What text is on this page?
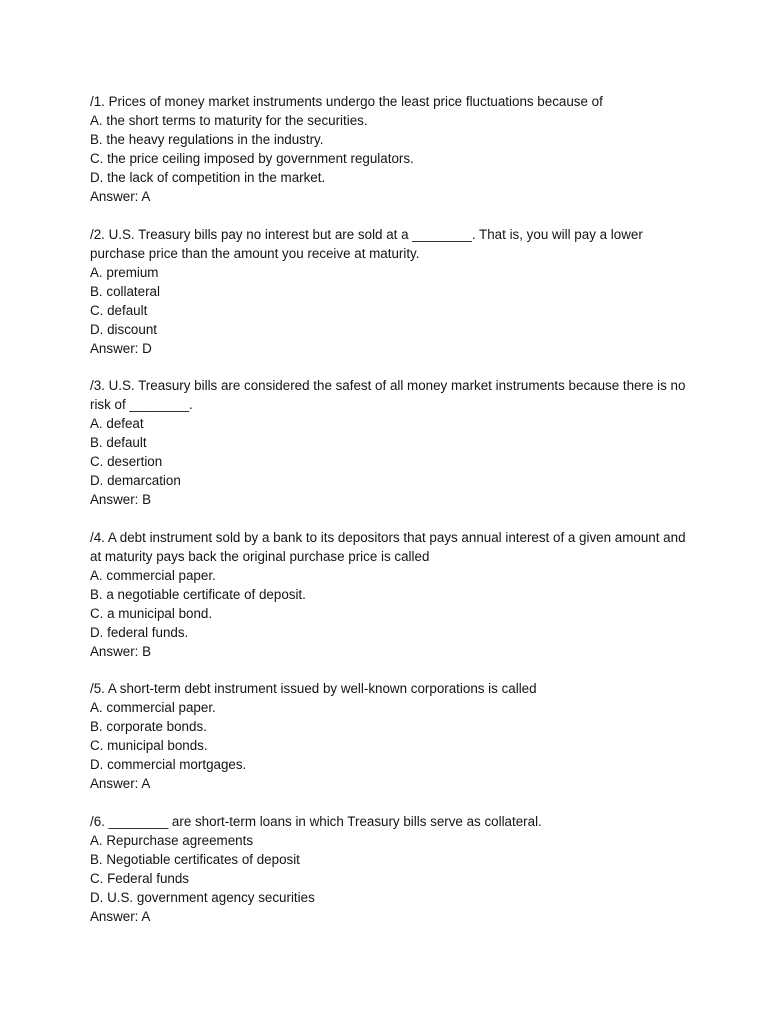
/1. Prices of money market instruments undergo the least price fluctuations because of
A. the short terms to maturity for the securities.
B. the heavy regulations in the industry.
C. the price ceiling imposed by government regulators.
D. the lack of competition in the market.
Answer: A
/2. U.S. Treasury bills pay no interest but are sold at a ________. That is, you will pay a lower purchase price than the amount you receive at maturity.
A. premium
B. collateral
C. default
D. discount
Answer: D
/3. U.S. Treasury bills are considered the safest of all money market instruments because there is no risk of ________.
A. defeat
B. default
C. desertion
D. demarcation
Answer: B
/4. A debt instrument sold by a bank to its depositors that pays annual interest of a given amount and at maturity pays back the original purchase price is called
A. commercial paper.
B. a negotiable certificate of deposit.
C. a municipal bond.
D. federal funds.
Answer: B
/5. A short-term debt instrument issued by well-known corporations is called
A. commercial paper.
B. corporate bonds.
C. municipal bonds.
D. commercial mortgages.
Answer: A
/6. ________ are short-term loans in which Treasury bills serve as collateral.
A. Repurchase agreements
B. Negotiable certificates of deposit
C. Federal funds
D. U.S. government agency securities
Answer: A
